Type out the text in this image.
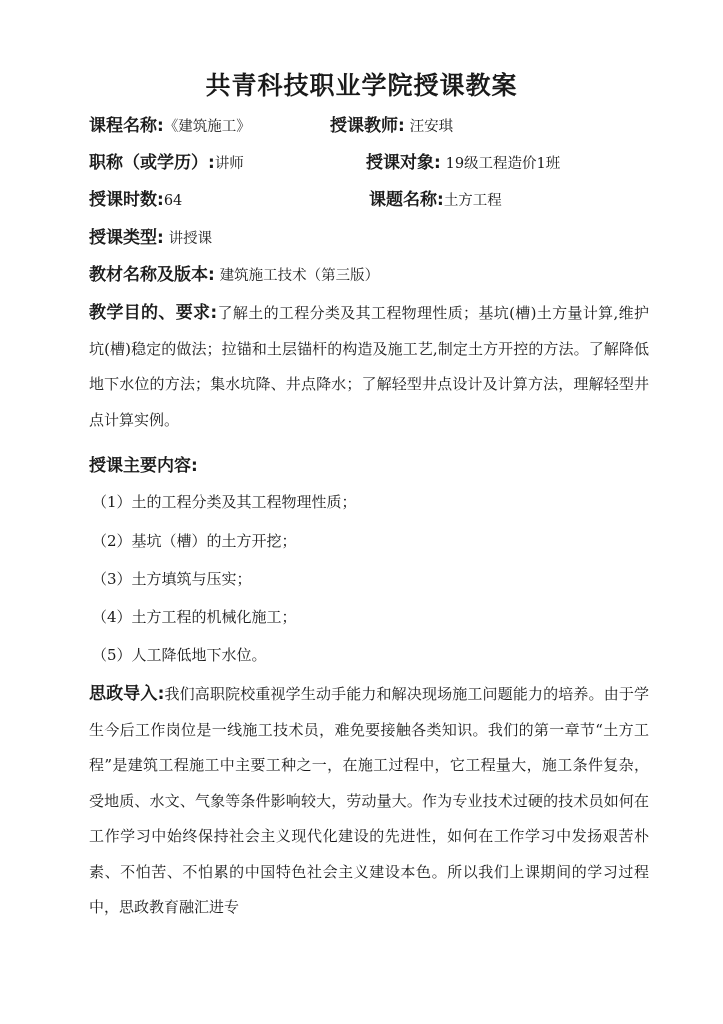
共青科技职业学院授课教案
课程名称:《建筑施工》	授课教师: 汪安琪
职称（或学历）:讲师	授课对象: 19级工程造价1班
授课时数:64	课题名称:土方工程
授课类型: 讲授课
教材名称及版本: 建筑施工技术（第三版）
教学目的、要求:了解土的工程分类及其工程物理性质；基坑(槽)土方量计算,维护坑(槽)稳定的做法；拉锚和土层锚杆的构造及施工艺,制定土方开控的方法。了解降低地下水位的方法；集水坑降、井点降水；了解轻型井点设计及计算方法，理解轻型井点计算实例。
授课主要内容:
（1）土的工程分类及其工程物理性质；
（2）基坑（槽）的土方开挖；
（3）土方填筑与压实；
（4）土方工程的机械化施工；
（5）人工降低地下水位。
思政导入:我们高职院校重视学生动手能力和解决现场施工问题能力的培养。由于学生今后工作岗位是一线施工技术员，难免要接触各类知识。我们的第一章节“土方工程”是建筑工程施工中主要工种之一，在施工过程中，它工程量大，施工条件复杂，受地质、水文、气象等条件影响较大，劳动量大。作为专业技术过硬的技术员如何在工作学习中始终保持社会主义现代化建设的先进性，如何在工作学习中发扬艰苦朴素、不怕苦、不怕累的中国特色社会主义建设本色。所以我们上课期间的学习过程中，思政教育融汇进专
